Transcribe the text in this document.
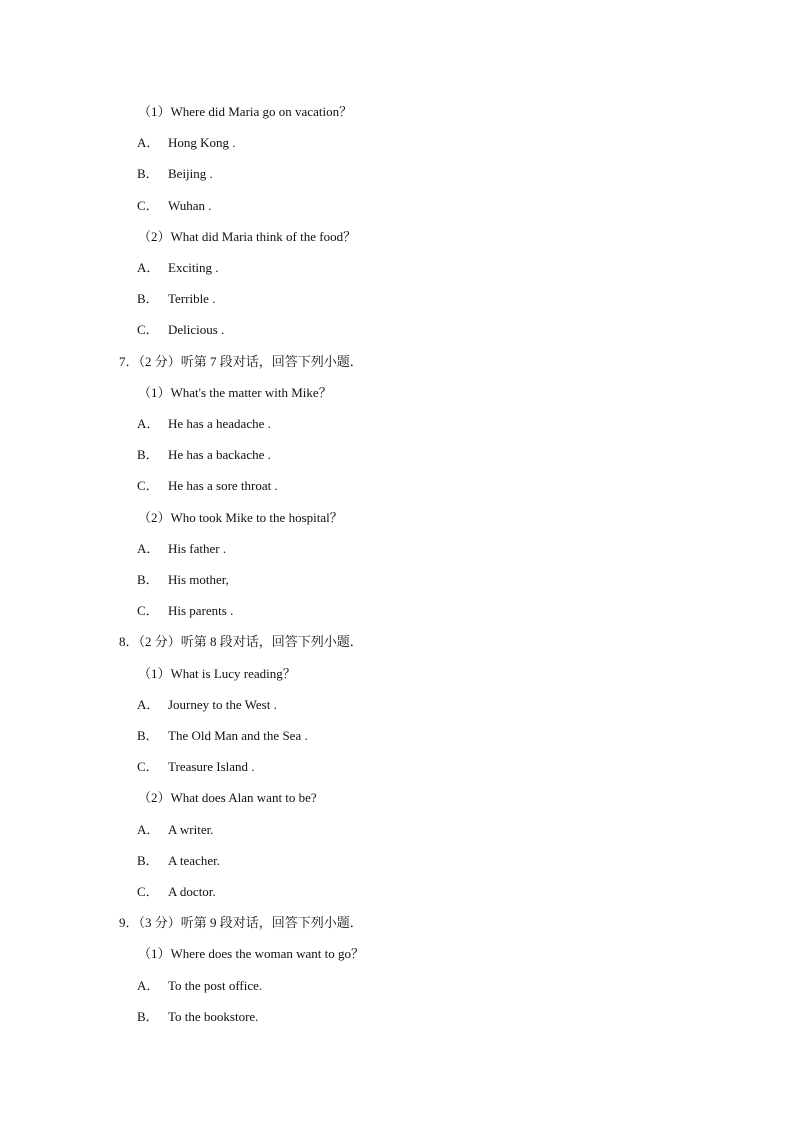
（1）Where did Maria go on vacation？
A． Hong Kong .
B． Beijing .
C． Wuhan .
（2）What did Maria think of the food？
A． Exciting .
B． Terrible .
C． Delicious .
7．（2 分）听第 7 段对话，回答下列小题．
（1）What's the matter with Mike？
A． He has a headache .
B． He has a backache .
C． He has a sore throat .
（2）Who took Mike to the hospital？
A． His father .
B． His mother,
C． His parents .
8．（2 分）听第 8 段对话，回答下列小题．
（1）What is Lucy reading？
A． Journey to the West .
B． The Old Man and the Sea .
C． Treasure Island .
（2）What does Alan want to be?
A． A writer.
B． A teacher.
C． A doctor.
9．（3 分）听第 9 段对话，回答下列小题．
（1）Where does the woman want to go？
A． To the post office.
B． To the bookstore.
